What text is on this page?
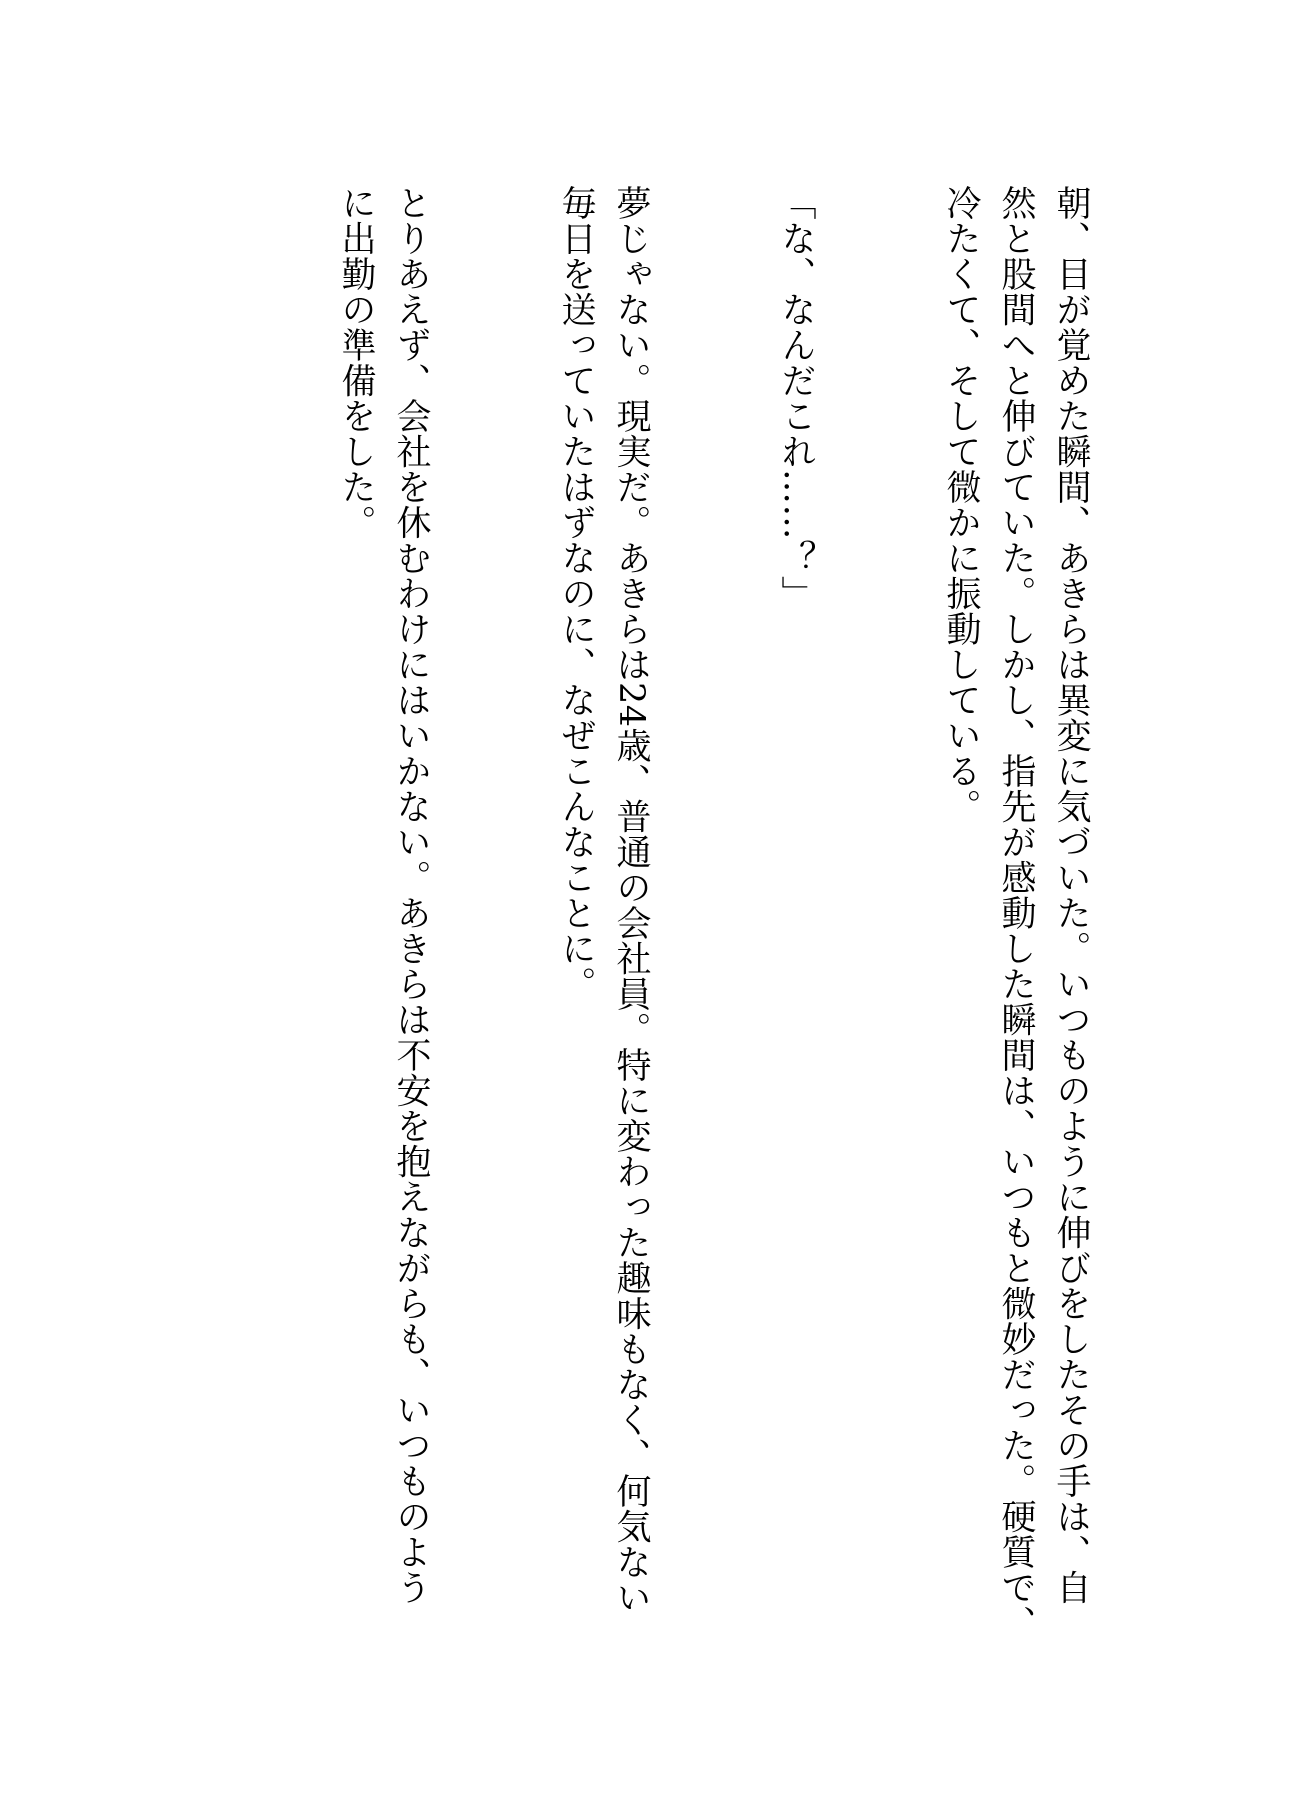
朝、目が覚めた瞬間、あきらは異変に気づいた。いつものように伸びをしたその手は、自
然と股間へと伸びていた。しかし、指先が感動した瞬間は、いつもと微妙だった。硬質で、
冷たくて、そして微かに振動している。
「な、なんだこれ……？」
夢じゃない。現実だ。あきらは24歳、普通の会社員。特に変わった趣味もなく、何気ない
毎日を送っていたはずなのに、なぜこんなことに。
とりあえず、会社を休むわけにはいかない。あきらは不安を抱えながらも、いつものよう
に出勤の準備をした。
